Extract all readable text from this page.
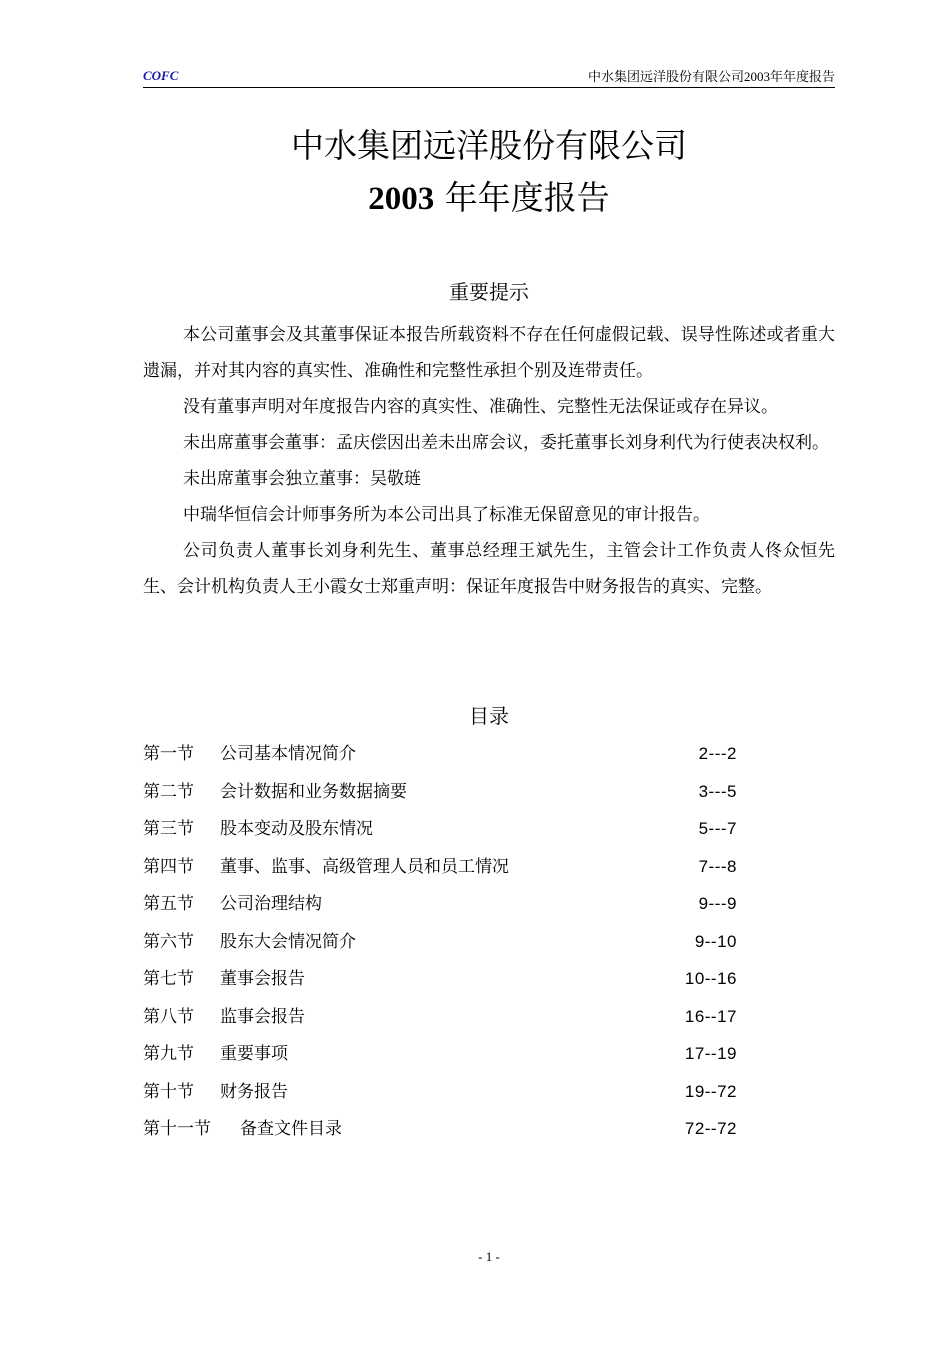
COFC	中水集团远洋股份有限公司2003年年度报告
中水集团远洋股份有限公司
2003 年年度报告
重要提示

本公司董事会及其董事保证本报告所载资料不存在任何虚假记载、误导性陈述或者重大遗漏，并对其内容的真实性、准确性和完整性承担个别及连带责任。

没有董事声明对年度报告内容的真实性、准确性、完整性无法保证或存在异议。

未出席董事会董事：孟庆偿因出差未出席会议，委托董事长刘身利代为行使表决权利。

未出席董事会独立董事：吴敬琏

中瑞华恒信会计师事务所为本公司出具了标准无保留意见的审计报告。

公司负责人董事长刘身利先生、董事总经理王斌先生，主管会计工作负责人佟众恒先生、会计机构负责人王小霞女士郑重声明：保证年度报告中财务报告的真实、完整。

目录
第一节 公司基本情况简介	2---2
第二节 会计数据和业务数据摘要	3---5
第三节 股本变动及股东情况	5---7
第四节 董事、监事、高级管理人员和员工情况	7---8
第五节 公司治理结构	9---9
第六节 股东大会情况简介	9--10
第七节 董事会报告	10--16
第八节 监事会报告	16--17
第九节 重要事项	17--19
第十节 财务报告	19--72
第十一节 备查文件目录	72--72
- 1 -
